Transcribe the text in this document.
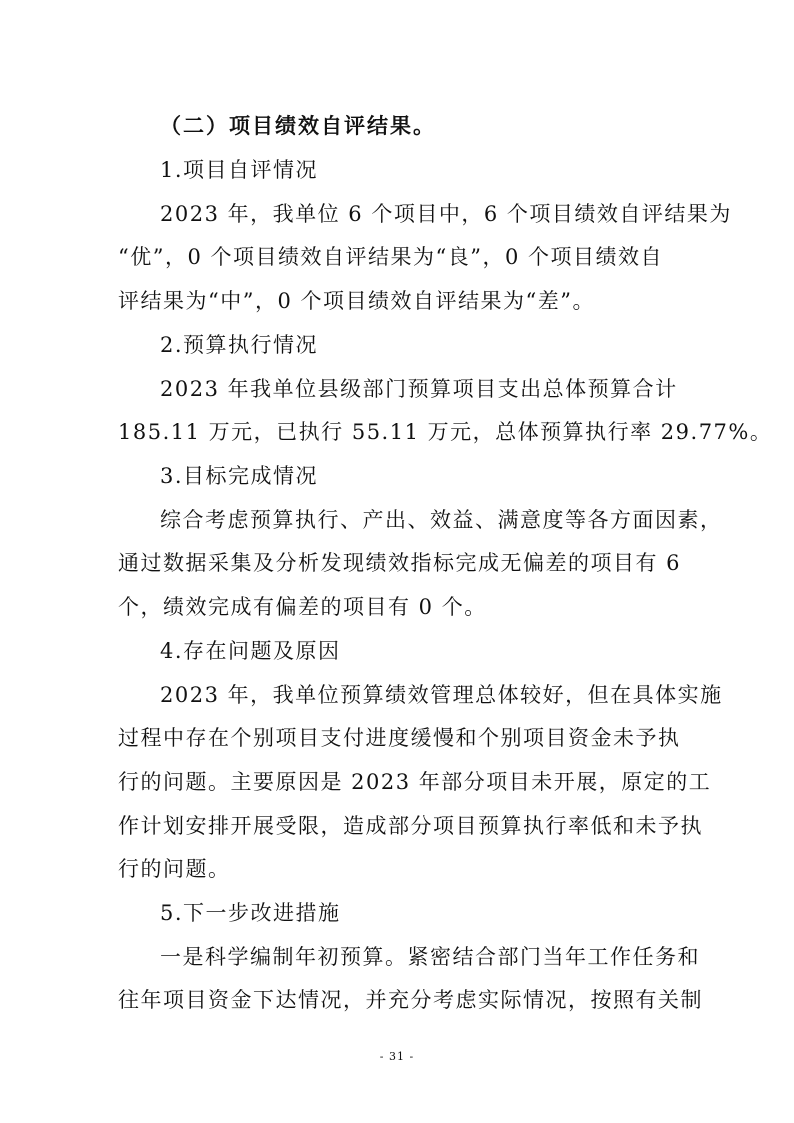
（二）项目绩效自评结果。
1.项目自评情况
2023 年，我单位 6 个项目中，6 个项目绩效自评结果为
“优”，0 个项目绩效自评结果为“良”，0 个项目绩效自
评结果为“中”，0 个项目绩效自评结果为“差”。
2.预算执行情况
2023 年我单位县级部门预算项目支出总体预算合计
185.11 万元，已执行 55.11 万元，总体预算执行率 29.77%。
3.目标完成情况
综合考虑预算执行、产出、效益、满意度等各方面因素，
通过数据采集及分析发现绩效指标完成无偏差的项目有 6
个，绩效完成有偏差的项目有 0 个。
4.存在问题及原因
2023 年，我单位预算绩效管理总体较好，但在具体实施
过程中存在个别项目支付进度缓慢和个别项目资金未予执
行的问题。主要原因是 2023 年部分项目未开展，原定的工
作计划安排开展受限，造成部分项目预算执行率低和未予执
行的问题。
5.下一步改进措施
一是科学编制年初预算。紧密结合部门当年工作任务和
往年项目资金下达情况，并充分考虑实际情况，按照有关制
- 31 -
